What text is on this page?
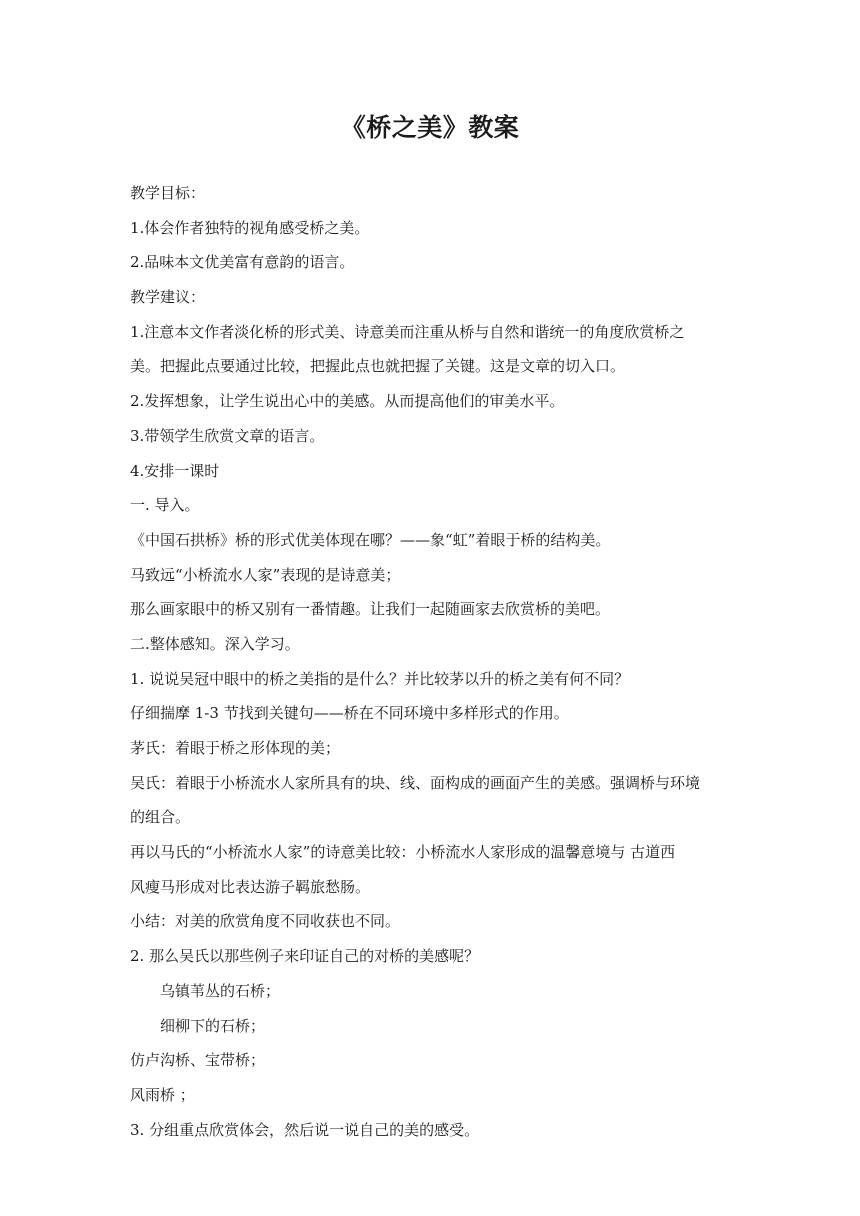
《桥之美》教案
教学目标：
1.体会作者独特的视角感受桥之美。
2.品味本文优美富有意韵的语言。
教学建议：
1.注意本文作者淡化桥的形式美、诗意美而注重从桥与自然和谐统一的角度欣赏桥之
美。把握此点要通过比较，把握此点也就把握了关键。这是文章的切入口。
2.发挥想象，让学生说出心中的美感。从而提高他们的审美水平。
3.带领学生欣赏文章的语言。
4.安排一课时
一. 导入。
《中国石拱桥》桥的形式优美体现在哪？——象“虹”着眼于桥的结构美。
马致远“小桥流水人家”表现的是诗意美；
那么画家眼中的桥又别有一番情趣。让我们一起随画家去欣赏桥的美吧。
二.整体感知。深入学习。
1. 说说吴冠中眼中的桥之美指的是什么？并比较茅以升的桥之美有何不同？
仔细揣摩 1-3 节找到关键句——桥在不同环境中多样形式的作用。
茅氏：着眼于桥之形体现的美；
吴氏：着眼于小桥流水人家所具有的块、线、面构成的画面产生的美感。强调桥与环境
的组合。
再以马氏的“小桥流水人家”的诗意美比较：小桥流水人家形成的温馨意境与 古道西
风瘦马形成对比表达游子羁旅愁肠。
小结：对美的欣赏角度不同收获也不同。
2. 那么吴氏以那些例子来印证自己的对桥的美感呢？
乌镇苇丛的石桥；
细柳下的石桥；
仿卢沟桥、宝带桥；
风雨桥 ；
3. 分组重点欣赏体会，然后说一说自己的美的感受。
